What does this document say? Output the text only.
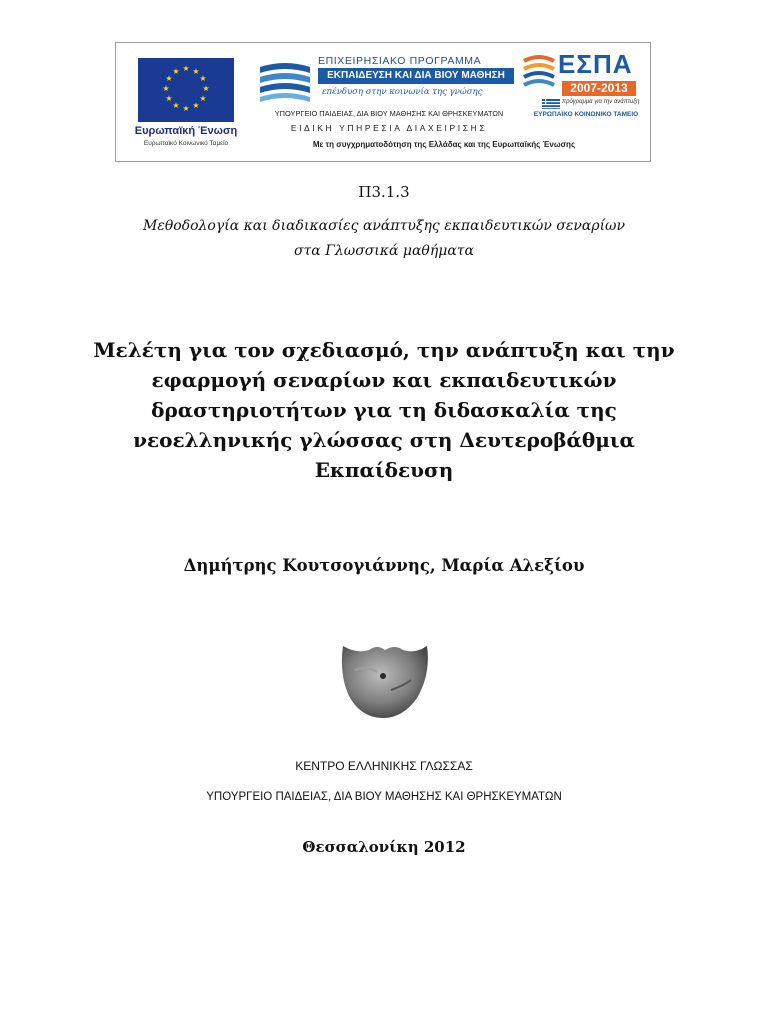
★ ★
★
★
★
★
★
★
★
★
★
★
Ευρωπαϊκή Ένωση
Ευρωπαϊκό Κοινωνικό Ταμείο
ΕΠΙΧΕΙΡΗΣΙΑΚΟ ΠΡΟΓΡΑΜΜΑ
ΕΚΠΑΙΔΕΥΣΗ ΚΑΙ ΔΙΑ ΒΙΟΥ ΜΑΘΗΣΗ
επένδυση στην κοινωνία της γνώσης
ΥΠΟΥΡΓΕΙΟ ΠΑΙΔΕΙΑΣ, ΔΙΑ ΒΙΟΥ ΜΑΘΗΣΗΣ ΚΑΙ ΘΡΗΣΚΕΥΜΑΤΩΝ
ΕΙΔΙΚΗ ΥΠΗΡΕΣΙΑ ΔΙΑΧΕΙΡΙΣΗΣ
ΕΣΠΑ
2007-2013
πρόγραμμα για την ανάπτυξη
ΕΥΡΩΠΑΪΚΟ ΚΟΙΝΩΝΙΚΟ ΤΑΜΕΙΟ
Με τη συγχρηματοδότηση της Ελλάδας και της Ευρωπαϊκής Ένωσης
Π3.1.3
Μεθοδολογία και διαδικασίες ανάπτυξης εκπαιδευτικών σεναρίων
στα Γλωσσικά μαθήματα
Μελέτη για τον σχεδιασμό, την ανάπτυξη και την
εφαρμογή σεναρίων και εκπαιδευτικών
δραστηριοτήτων για τη διδασκαλία της
νεοελληνικής γλώσσας στη Δευτεροβάθμια
Εκπαίδευση
Δημήτρης Κουτσογιάννης, Μαρία Αλεξίου
ΚΕΝΤΡΟ ΕΛΛΗΝΙΚΗΣ ΓΛΩΣΣΑΣ
ΥΠΟΥΡΓΕΙΟ ΠΑΙΔΕΙΑΣ, ΔΙΑ ΒΙΟΥ ΜΑΘΗΣΗΣ ΚΑΙ ΘΡΗΣΚΕΥΜΑΤΩΝ
Θεσσαλονίκη 2012
